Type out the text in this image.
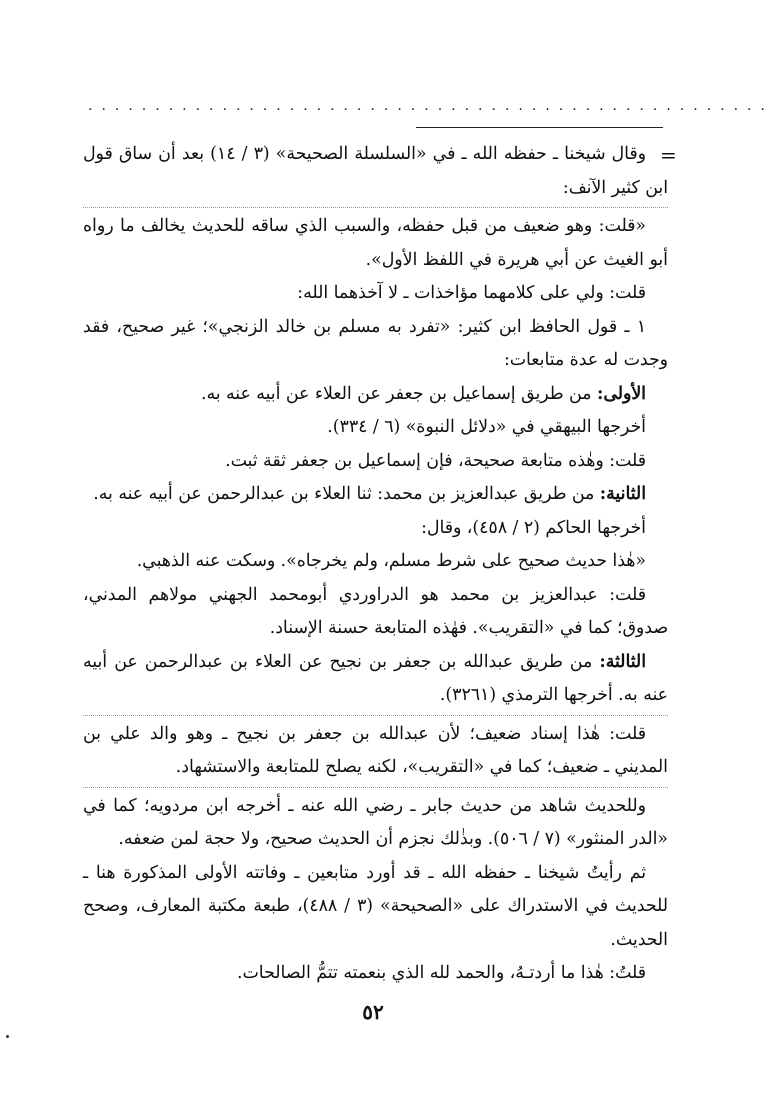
...................................................
=

وقال شيخنا ـ حفظه الله ـ في «السلسلة الصحيحة» (٣ / ١٤) بعد أن ساق قول ابن كثير الآنف:

«قلت: وهو ضعيف من قبل حفظه، والسبب الذي ساقه للحديث يخالف ما رواه أبو الغيث عن أبي هريرة في اللفظ الأول».

قلت: ولي على كلامهما مؤاخذات ـ لا آخذهما الله:

١ ـ قول الحافظ ابن كثير: «تفرد به مسلم بن خالد الزنجي»؛ غير صحيح، فقد وجدت له عدة متابعات:

الأولى: من طريق إسماعيل بن جعفر عن العلاء عن أبيه عنه به.

أخرجها البيهقي في «دلائل النبوة» (٦ / ٣٣٤).

قلت: وهٰذه متابعة صحيحة، فإن إسماعيل بن جعفر ثقة ثبت.

الثانية: من طريق عبدالعزيز بن محمد: ثنا العلاء بن عبدالرحمن عن أبيه عنه به.

أخرجها الحاكم (٢ / ٤٥٨)، وقال:

«هٰذا حديث صحيح على شرط مسلم، ولم يخرجاه». وسكت عنه الذهبي.

قلت: عبدالعزيز بن محمد هو الدراوردي أبومحمد الجهني مولاهم المدني، صدوق؛ كما في «التقريب». فهٰذه المتابعة حسنة الإسناد.

الثالثة: من طريق عبدالله بن جعفر بن نجيح عن العلاء بن عبدالرحمن عن أبيه عنه به. أخرجها الترمذي (٣٢٦١).

قلت: هٰذا إسناد ضعيف؛ لأن عبدالله بن جعفر بن نجيح ـ وهو والد علي بن المديني ـ ضعيف؛ كما في «التقريب»، لكنه يصلح للمتابعة والاستشهاد.

وللحديث شاهد من حديث جابر ـ رضي الله عنه ـ أخرجه ابن مردويه؛ كما في «الدر المنثور» (٧ / ٥٠٦). وبذٰلك نجزم أن الحديث صحيح، ولا حجة لمن ضعفه.

ثم رأيتُ شيخنا ـ حفظه الله ـ قد أورد متابعين ـ وفاتته الأولى المذكورة هنا ـ للحديث في الاستدراك على «الصحيحة» (٣ / ٤٨٨)، طبعة مكتبة المعارف، وصحح الحديث.

قلتُ: هٰذا ما أردتـهُ، والحمد لله الذي بنعمته تتمُّ الصالحات.

٥٢
